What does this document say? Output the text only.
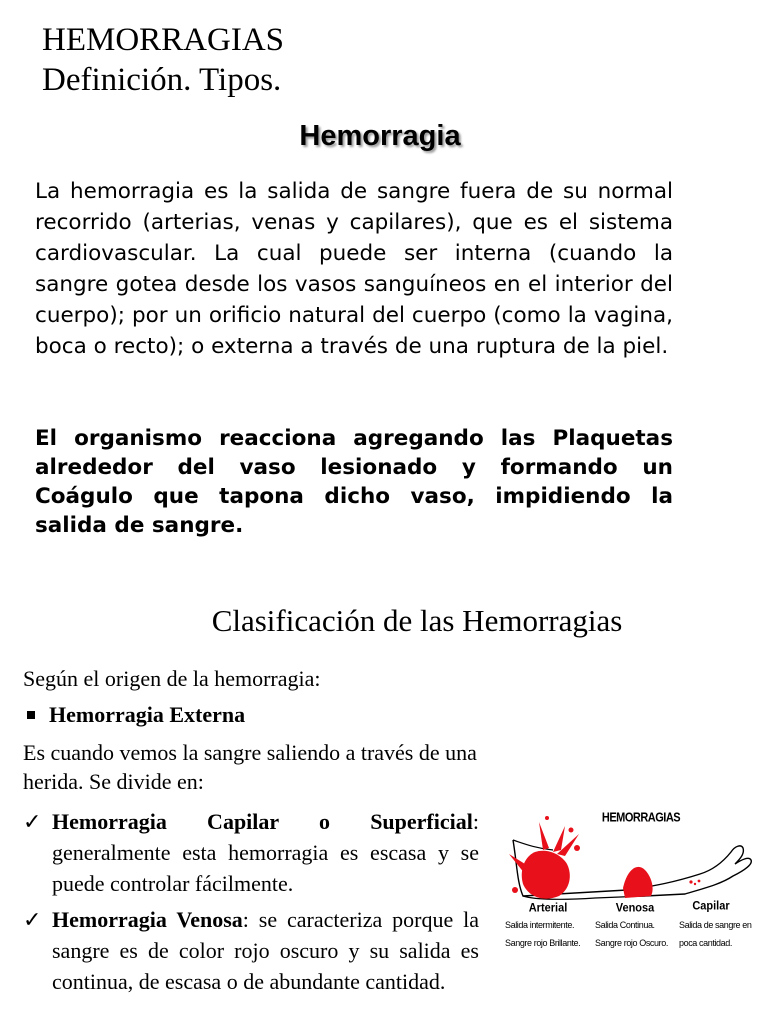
HEMORRAGIAS
Definición. Tipos.
Hemorragia

La hemorragia es la salida de sangre fuera de su normal recorrido (arterias, venas y capilares), que es el sistema cardiovascular. La cual puede ser interna (cuando la sangre gotea desde los vasos sanguíneos en el interior del cuerpo); por un orificio natural del cuerpo (como la vagina, boca o recto); o externa a través de una ruptura de la piel.

El organismo reacciona agregando las Plaquetas alrededor del vaso lesionado y formando un Coágulo que tapona dicho vaso, impidiendo la salida de sangre.

Clasificación de las Hemorragias
Según el origen de la hemorragia:
Hemorragia Externa

Es cuando vemos la sangre saliendo a través de una herida. Se divide en:

✓ Hemorragia Capilar o Superficial: generalmente esta hemorragia es escasa y se puede controlar fácilmente.
✓ Hemorragia Venosa: se caracteriza porque la sangre es de color rojo oscuro y su salida es continua, de escasa o de abundante cantidad.
HEMORRAGIAS
Arterial
Salida intermitente.
Sangre rojo Brillante.
Venosa
Salida Continua.
Sangre rojo Oscuro.
Capilar
Salida de sangre en
poca cantidad.
